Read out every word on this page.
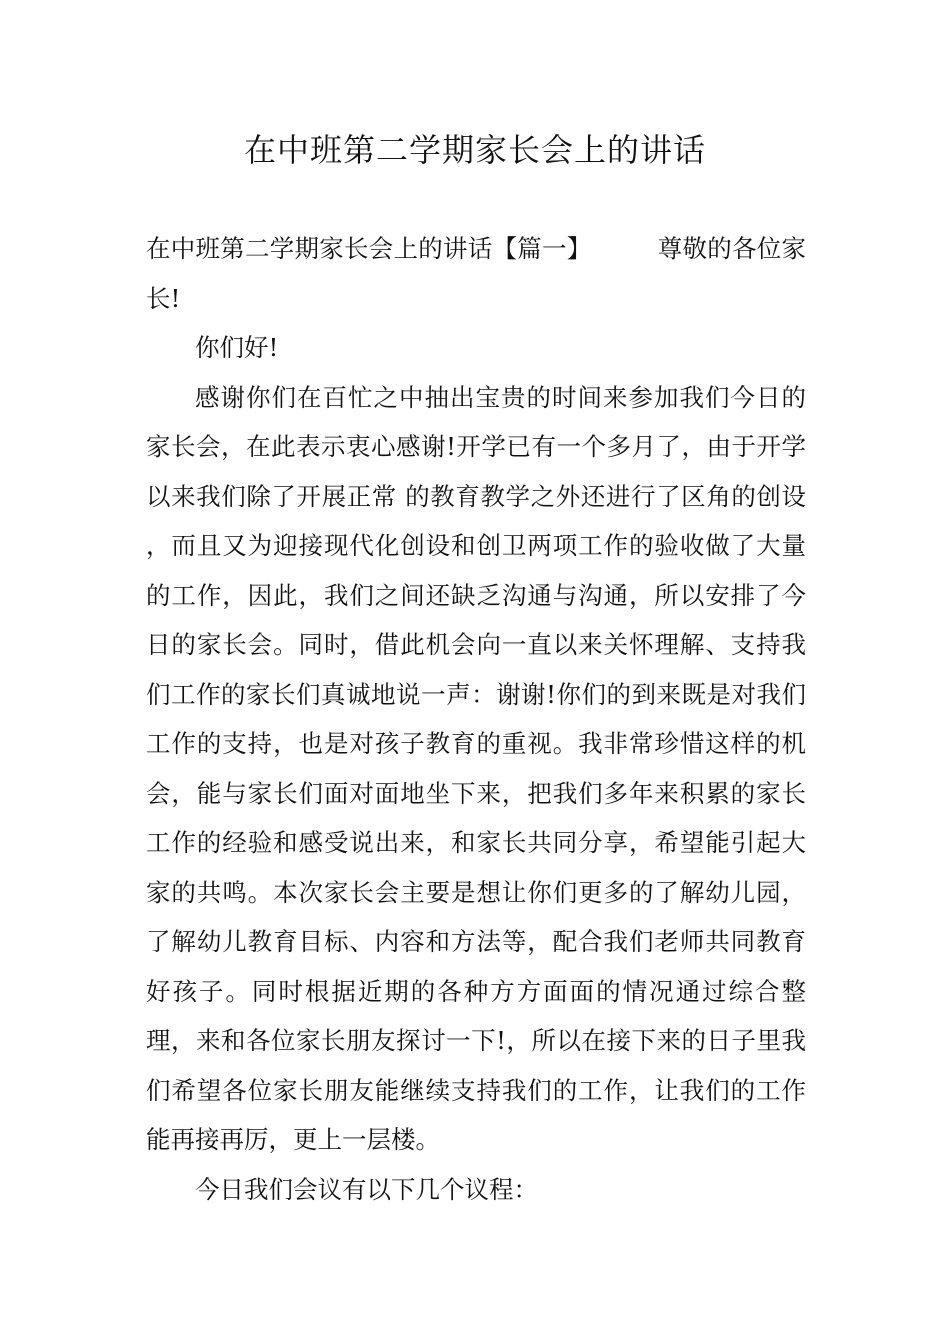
在中班第二学期家长会上的讲话

在中班第二学期家长会上的讲话【篇一】	尊敬的各位家长!

你们好!

感谢你们在百忙之中抽出宝贵的时间来参加我们今日的家长会，在此表示衷心感谢!开学已有一个多月了，由于开学以来我们除了开展正常 的教育教学之外还进行了区角的创设 ，而且又为迎接现代化创设和创卫两项工作的验收做了大量的工作，因此，我们之间还缺乏沟通与沟通，所以安排了今日的家长会。同时，借此机会向一直以来关怀理解、支持我们工作的家长们真诚地说一声：谢谢!你们的到来既是对我们工作的支持，也是对孩子教育的重视。我非常珍惜这样的机会，能与家长们面对面地坐下来，把我们多年来积累的家长工作的经验和感受说出来，和家长共同分享，希望能引起大家的共鸣。本次家长会主要是想让你们更多的了解幼儿园，了解幼儿教育目标、内容和方法等，配合我们老师共同教育好孩子。同时根据近期的各种方方面面的情况通过综合整理，来和各位家长朋友探讨一下!，所以在接下来的日子里我们希望各位家长朋友能继续支持我们的工作，让我们的工作能再接再厉，更上一层楼。

今日我们会议有以下几个议程：
